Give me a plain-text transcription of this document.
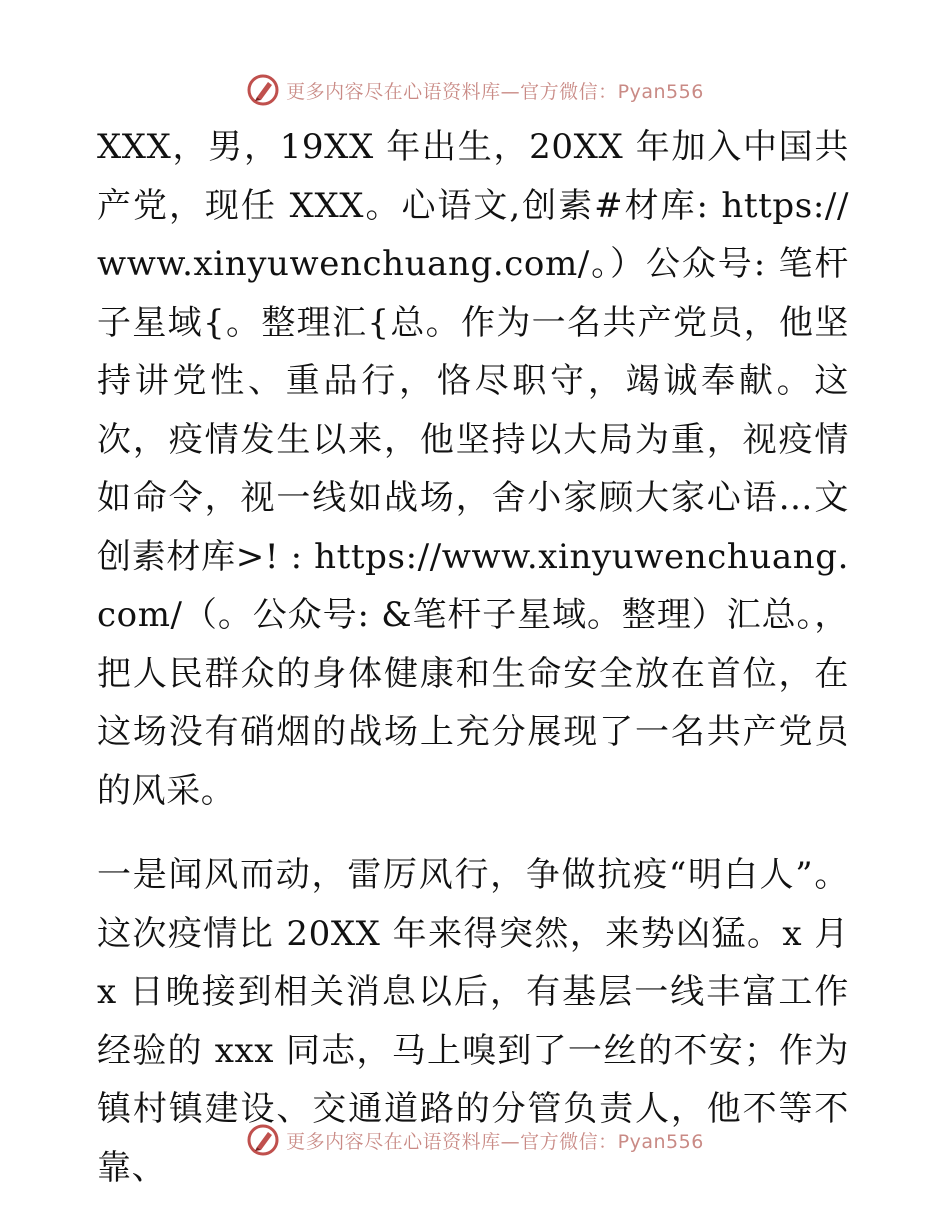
更多内容尽在心语资料库—官方微信：Pyan556

XXX，男，19XX 年出生，20XX 年加入中国共产党，现任 XXX。心语文,创素#材库: https://www.xinyuwenchuang.com/。）公众号: 笔杆子星域{。整理汇{总。作为一名共产党员，他坚持讲党性、重品行，恪尽职守，竭诚奉献。这次，疫情发生以来，他坚持以大局为重，视疫情如命令，视一线如战场，舍小家顾大家心语…文创素材库>! : https://www.xinyuwenchuang.com/（。公众号: &笔杆子星域。整理）汇总。，把人民群众的身体健康和生命安全放在首位，在这场没有硝烟的战场上充分展现了一名共产党员的风采。

一是闻风而动，雷厉风行，争做抗疫“明白人”。这次疫情比 20XX 年来得突然，来势凶猛。x 月 x 日晚接到相关消息以后，有基层一线丰富工作经验的 xxx 同志，马上嗅到了一丝的不安；作为镇村镇建设、交通道路的分管负责人，他不等不靠、

更多内容尽在心语资料库—官方微信：Pyan556
